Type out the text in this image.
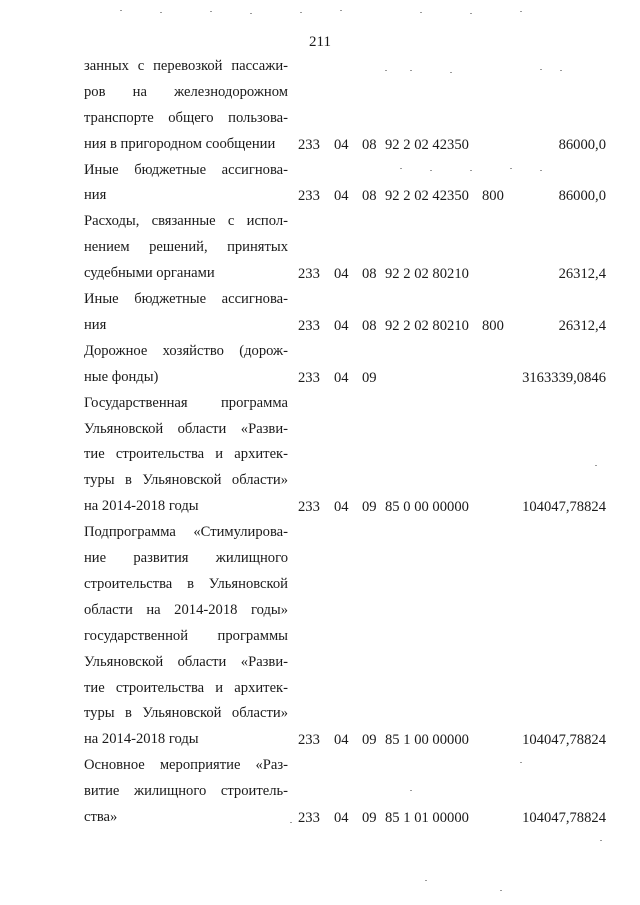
211
занных с перевозкой пассажи-
ров на железнодорожном
транспорте общего пользова-
ния в пригородном сообщении	233 04 08 92 2 02 42350	86000,0
Иные бюджетные ассигнова-
ния	233 04 08 92 2 02 42350 800	86000,0
Расходы, связанные с испол-
нением решений, принятых
судебными органами	233 04 08 92 2 02 80210	26312,4
Иные бюджетные ассигнова-
ния	233 04 08 92 2 02 80210 800	26312,4
Дорожное хозяйство (дорож-
ные фонды)	233 04 09	3163339,0846
Государственная программа
Ульяновской области «Разви-
тие строительства и архитек-
туры в Ульяновской области»
на 2014-2018 годы	233 04 09 85 0 00 00000	104047,78824
Подпрограмма «Стимулирова-
ние развития жилищного
строительства в Ульяновской
области на 2014-2018 годы»
государственной программы
Ульяновской области «Разви-
тие строительства и архитек-
туры в Ульяновской области»
на 2014-2018 годы	233 04 09 85 1 00 00000	104047,78824
Основное мероприятие «Раз-
витие жилищного строитель-
ства»	233 04 09 85 1 01 00000	104047,78824
